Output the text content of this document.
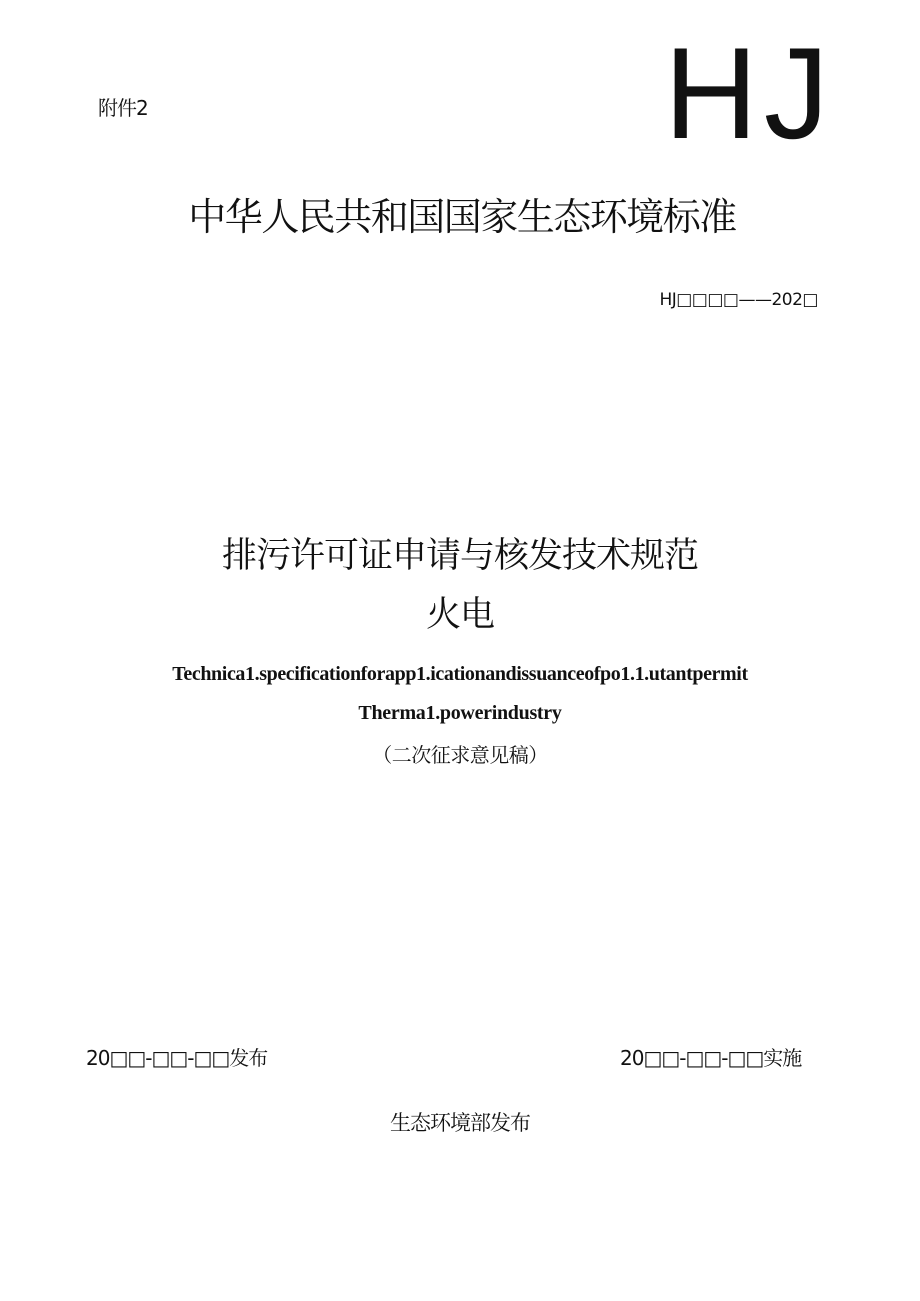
附件2	HJ
中华人民共和国国家生态环境标准
HJ□□□□——202□
排污许可证申请与核发技术规范
火电
Technica1.specificationforapp1.icationandissuanceofpo1.1.utantpermit
Therma1.powerindustry
（二次征求意见稿）
20□□-□□-□□发布	20□□-□□-□□实施
生态环境部发布
